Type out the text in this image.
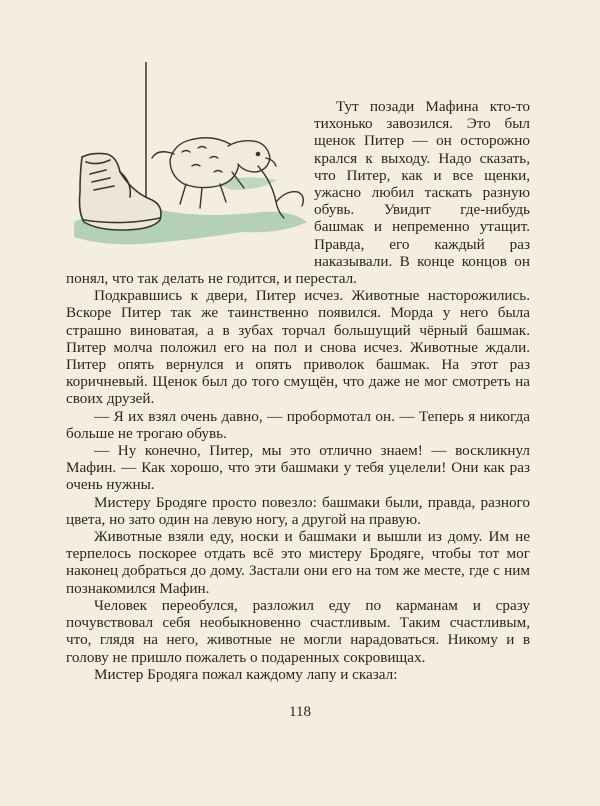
Тут позади Мафина кто-то тихонько завозился. Это был щенок Питер — он осторожно крался к выходу. Надо сказать, что Питер, как и все щенки, ужасно любил таскать разную обувь. Увидит где-нибудь башмак и непременно утащит. Правда, его каждый раз наказывали. В конце концов он понял, что так делать не годится, и перестал.

Подкравшись к двери, Питер исчез. Животные насторожились. Вскоре Питер так же таинственно появился. Морда у него была страшно виноватая, а в зубах торчал большущий чёрный башмак. Питер молча положил его на пол и снова исчез. Животные ждали. Питер опять вернулся и опять приволок башмак. На этот раз коричневый. Щенок был до того смущён, что даже не мог смотреть на своих друзей.

— Я их взял очень давно, — пробормотал он. — Теперь я никогда больше не трогаю обувь.

— Ну конечно, Питер, мы это отлично знаем! — воскликнул Мафин. — Как хорошо, что эти башмаки у тебя уцелели! Они как раз очень нужны.

Мистеру Бродяге просто повезло: башмаки были, правда, разного цвета, но зато один на левую ногу, а другой на правую.

Животные взяли еду, носки и башмаки и вышли из дому. Им не терпелось поскорее отдать всё это мистеру Бродяге, чтобы тот мог наконец добраться до дому. Застали они его на том же месте, где с ним познакомился Мафин.

Человек переобулся, разложил еду по карманам и сразу почувствовал себя необыкновенно счастливым. Таким счастливым, что, глядя на него, животные не могли нарадоваться. Никому и в голову не пришло пожалеть о подаренных сокровищах.

Мистер Бродяга пожал каждому лапу и сказал:

118
